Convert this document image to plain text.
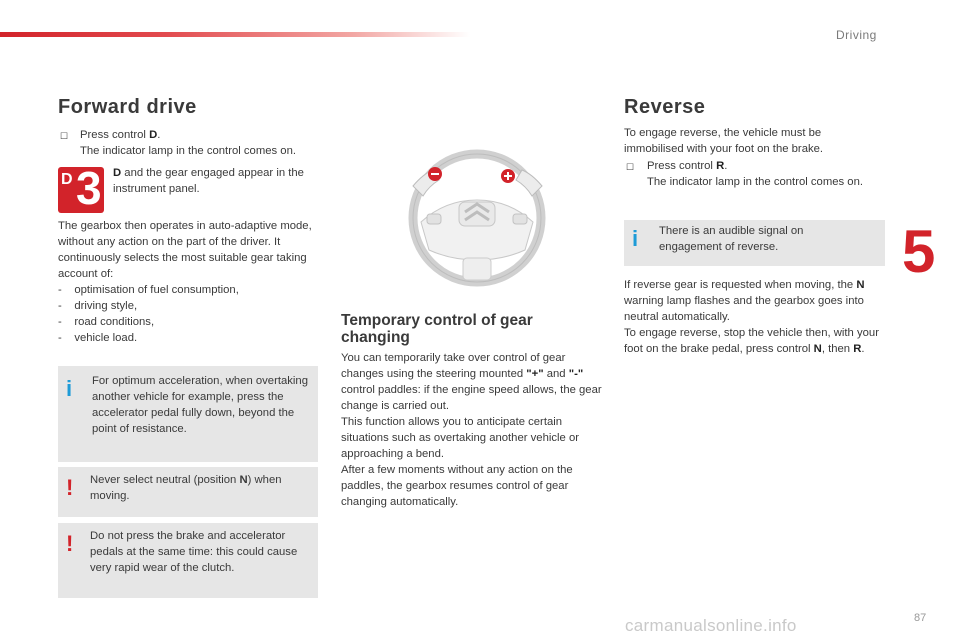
Driving
5
87
carmanualsonline.info
Forward drive
☐ Press control D.
The indicator lamp in the control comes on.
D 3 D and the gear engaged appear in the instrument panel.
The gearbox then operates in auto-adaptive mode, without any action on the part of the driver. It continuously selects the most suitable gear taking account of:
-    optimisation of fuel consumption,
-    driving style,
-    road conditions,
-    vehicle load.
i For optimum acceleration, when overtaking another vehicle for example, press the accelerator pedal fully down, beyond the point of resistance.
! Never select neutral (position N) when moving.
! Do not press the brake and accelerator pedals at the same time: this could cause very rapid wear of the clutch.
Temporary control of gear changing
You can temporarily take over control of gear changes using the steering mounted "+" and "-" control paddles: if the engine speed allows, the gear change is carried out.
This function allows you to anticipate certain situations such as overtaking another vehicle or approaching a bend.
After a few moments without any action on the paddles, the gearbox resumes control of gear changing automatically.
Reverse
To engage reverse, the vehicle must be immobilised with your foot on the brake.
☐ Press control R.
The indicator lamp in the control comes on.
i There is an audible signal on engagement of reverse.
If reverse gear is requested when moving, the N warning lamp flashes and the gearbox goes into neutral automatically.
To engage reverse, stop the vehicle then, with your foot on the brake pedal, press control N, then R.
